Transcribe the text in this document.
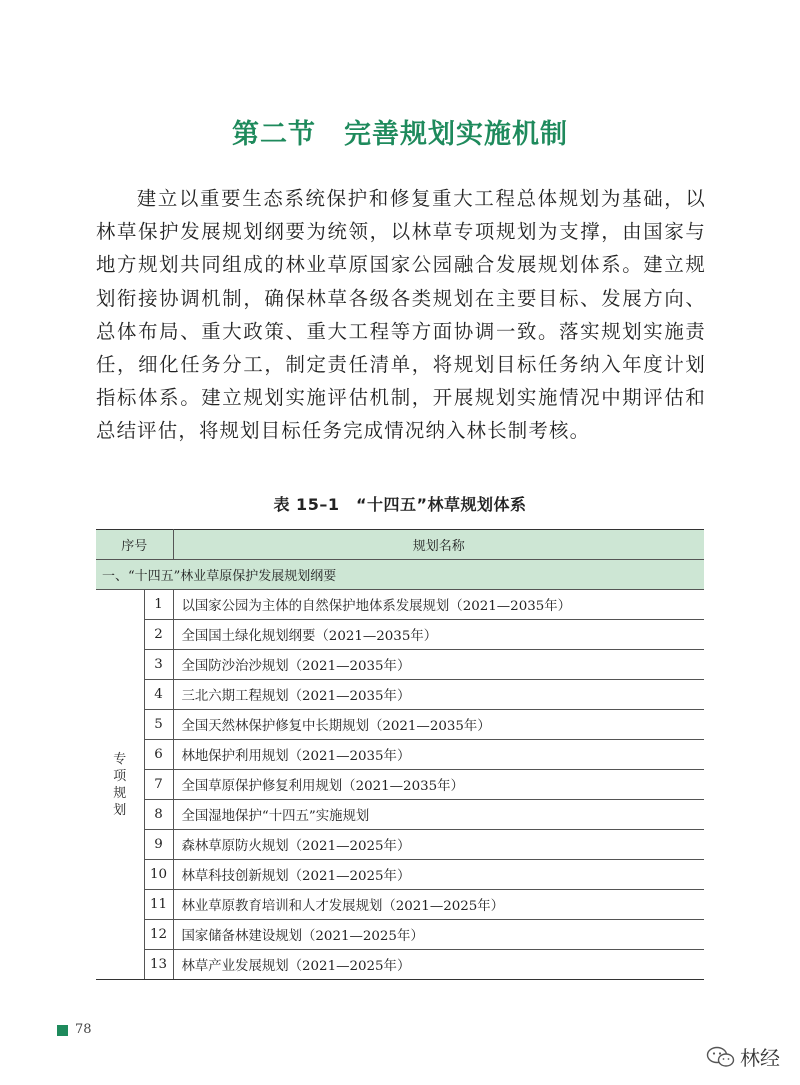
第二节　完善规划实施机制

建立以重要生态系统保护和修复重大工程总体规划为基础，以林草保护发展规划纲要为统领，以林草专项规划为支撑，由国家与地方规划共同组成的林业草原国家公园融合发展规划体系。建立规划衔接协调机制，确保林草各级各类规划在主要目标、发展方向、总体布局、重大政策、重大工程等方面协调一致。落实规划实施责任，细化任务分工，制定责任清单，将规划目标任务纳入年度计划指标体系。建立规划实施评估机制，开展规划实施情况中期评估和总结评估，将规划目标任务完成情况纳入林长制考核。

表 15–1　“十四五”林草规划体系
序号		规划名称
一、“十四五”林业草原保护发展规划纲要		
专项规划	1	以国家公园为主体的自然保护地体系发展规划（2021—2035年）
	2	全国国土绿化规划纲要（2021—2035年）
	3	全国防沙治沙规划（2021—2035年）
	4	三北六期工程规划（2021—2035年）
	5	全国天然林保护修复中长期规划（2021—2035年）
	6	林地保护利用规划（2021—2035年）
	7	全国草原保护修复利用规划（2021—2035年）
	8	全国湿地保护“十四五”实施规划
	9	森林草原防火规划（2021—2025年）
	10	林草科技创新规划（2021—2025年）
	11	林业草原教育培训和人才发展规划（2021—2025年）
	12	国家储备林建设规划（2021—2025年）
	13	林草产业发展规划（2021—2025年）
78
林经
